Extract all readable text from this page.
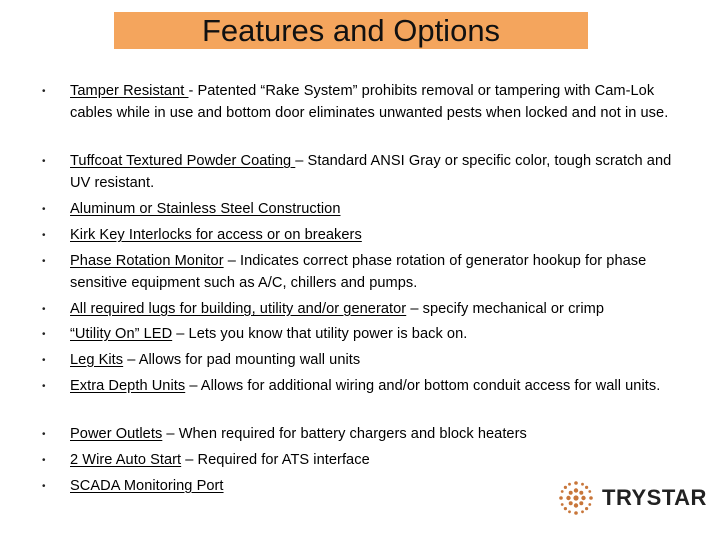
Features and Options
• Tamper Resistant - Patented “Rake System” prohibits removal or tampering with Cam-Lok cables while in use and bottom door eliminates unwanted pests when locked and not in use.
• Tuffcoat Textured Powder Coating – Standard ANSI Gray or specific color, tough scratch and UV resistant.
• Aluminum or Stainless Steel Construction
• Kirk Key Interlocks for access or on breakers
• Phase Rotation Monitor – Indicates correct phase rotation of generator hookup for phase sensitive equipment such as A/C, chillers and pumps.
• All required lugs for building, utility and/or generator – specify mechanical or crimp
• “Utility On” LED – Lets you know that utility power is back on.
• Leg Kits – Allows for pad mounting wall units
• Extra Depth Units – Allows for additional wiring and/or bottom conduit access for wall units.
• Power Outlets – When required for battery chargers and block heaters
• 2 Wire Auto Start – Required for ATS interface
• SCADA Monitoring Port	TRYSTAR
